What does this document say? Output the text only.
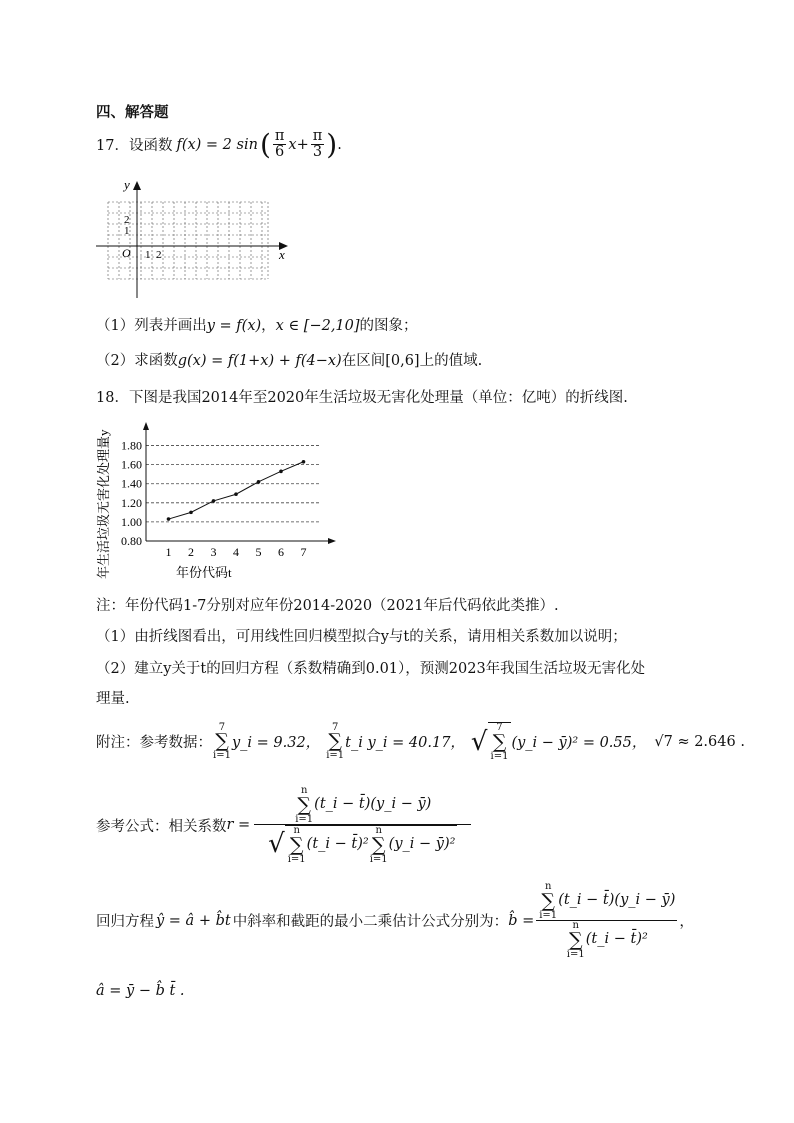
四、解答题
17． 设函数 f(x) = 2 sin ( $\frac{\pi}{6}$ $x + \frac{\pi}{3}$ ) .
y
x
O
2
1
1 2
（1）列表并画出y = f(x)，x ∈ [−2,10]的图象；
（2）求函数g(x) = f(1+x) + f(4−x)在区间[0,6]上的值域.
18．下图是我国2014年至2020年生活垃圾无害化处理量（单位：亿吨）的折线图.
年生活垃圾无害化处理量y	年份代码t
0.80
1.00
1.20
1.40
1.60
1.80
1 2 3 4 5 6 7
注：年份代码1-7分别对应年份2014-2020（2021年后代码依此类推）.
（1）由折线图看出，可用线性回归模型拟合y与t的关系，请用相关系数加以说明；
（2）建立y关于t的回归方程（系数精确到0.01），预测2023年我国生活垃圾无害化处
理量.
附注：参考数据：
7
∑
i=1
y_i = 9.32，
7
∑
i=1
t_i y_i = 40.17， √ 7
∑
i=1
(y_i − ȳ)² = 0.55， √7 ≈ 2.646 .
参考公式：相关系数 r =
n
∑
i=1
(t_i − t̄)(y_i − ȳ)
√ n
∑
i=1
(t_i − t̄)²
n
∑
i=1
(y_i − ȳ)²
回归方程 ŷ = â + b̂t 中斜率和截距的最小二乘估计公式分别为： b̂ = n
∑
i=1
(t_i − t̄)(y_i − ȳ)
n
∑
i=1
(t_i − t̄)² ，
â = ȳ − b̂ t̄ .
